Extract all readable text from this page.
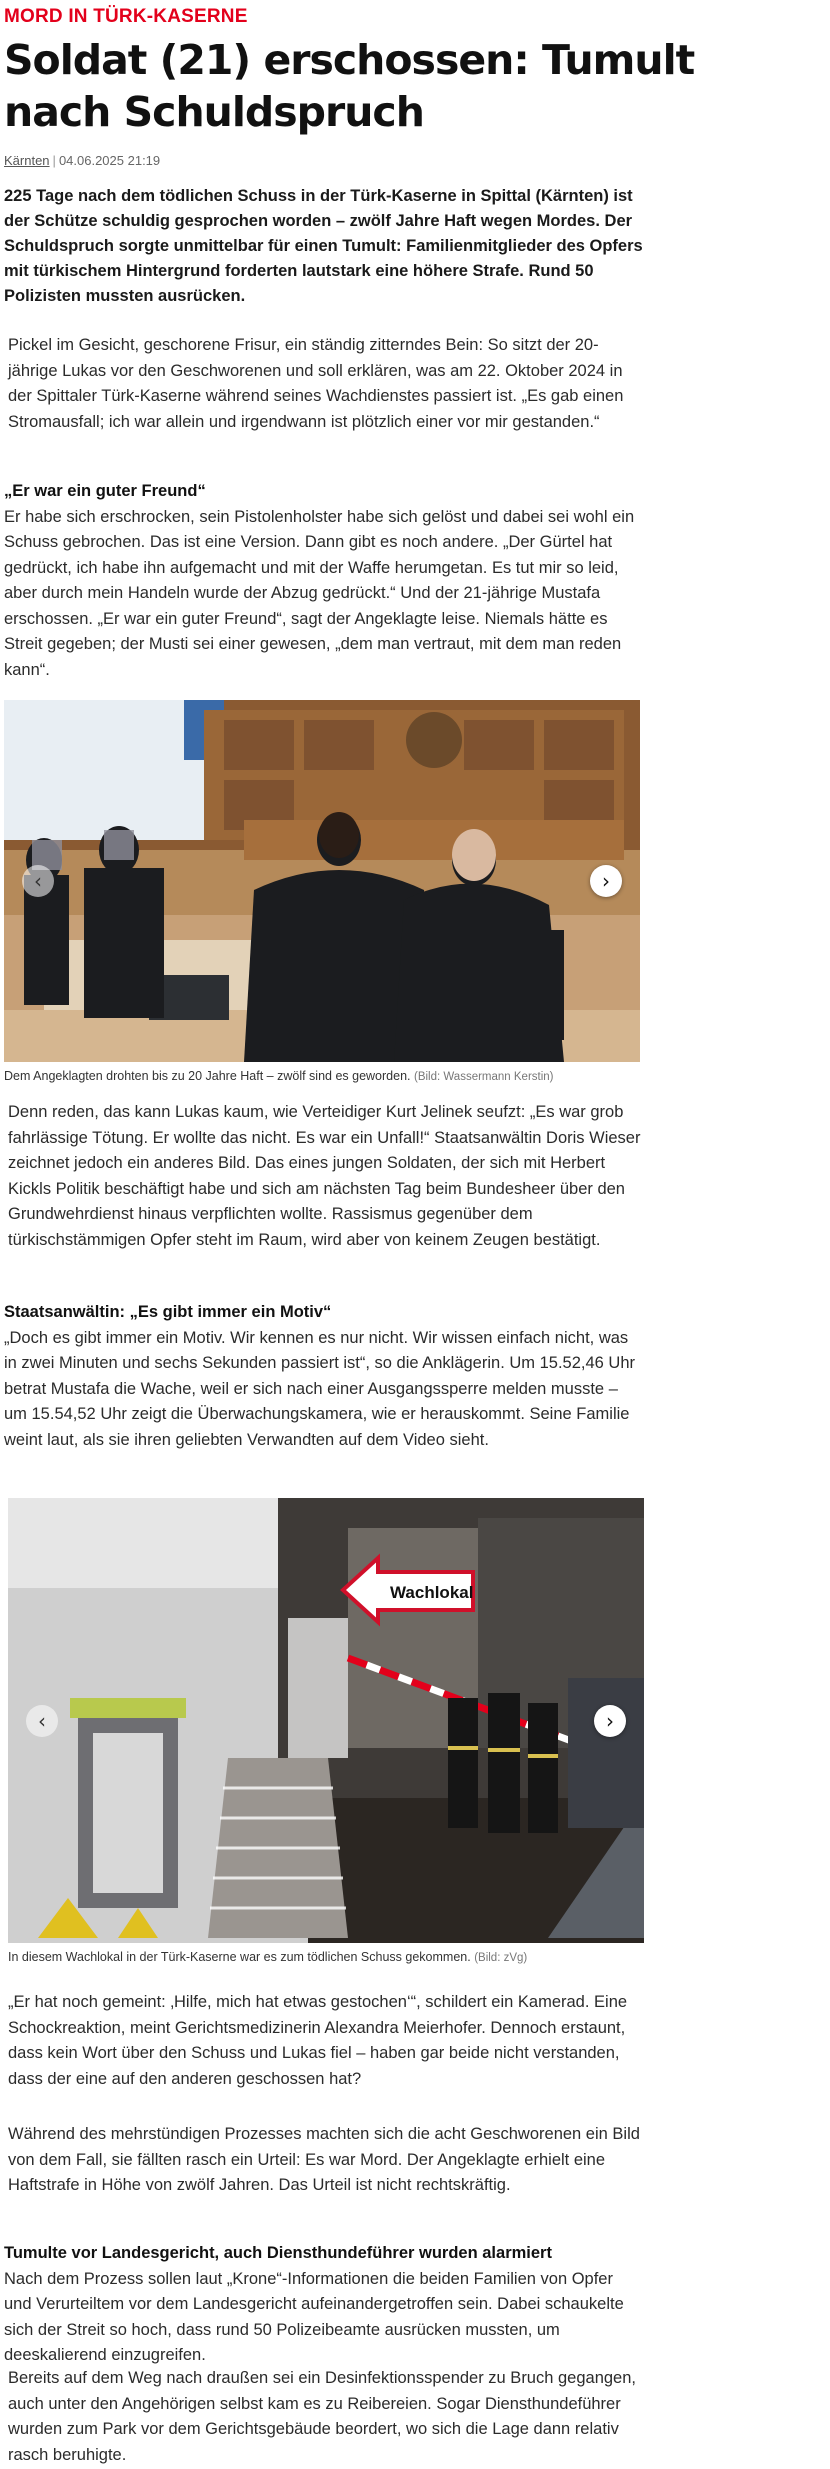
MORD IN TÜRK-KASERNE
Soldat (21) erschossen: Tumult nach Schuldspruch
Kärnten | 04.06.2025 21:19

225 Tage nach dem tödlichen Schuss in der Türk-Kaserne in Spittal (Kärnten) ist der Schütze schuldig gesprochen worden – zwölf Jahre Haft wegen Mordes. Der Schuldspruch sorgte unmittelbar für einen Tumult: Familienmitglieder des Opfers mit türkischem Hintergrund forderten lautstark eine höhere Strafe. Rund 50 Polizisten mussten ausrücken.

Pickel im Gesicht, geschorene Frisur, ein ständig zitterndes Bein: So sitzt der 20-jährige Lukas vor den Geschworenen und soll erklären, was am 22. Oktober 2024 in der Spittaler Türk-Kaserne während seines Wachdienstes passiert ist. „Es gab einen Stromausfall; ich war allein und irgendwann ist plötzlich einer vor mir gestanden.“

„Er war ein guter Freund“
Er habe sich erschrocken, sein Pistolenholster habe sich gelöst und dabei sei wohl ein Schuss gebrochen. Das ist eine Version. Dann gibt es noch andere. „Der Gürtel hat gedrückt, ich habe ihn aufgemacht und mit der Waffe herumgetan. Es tut mir so leid, aber durch mein Handeln wurde der Abzug gedrückt.“ Und der 21-jährige Mustafa erschossen. „Er war ein guter Freund“, sagt der Angeklagte leise. Niemals hätte es Streit gegeben; der Musti sei einer gewesen, „dem man vertraut, mit dem man reden kann“.
‹	›
Dem Angeklagten drohten bis zu 20 Jahre Haft – zwölf sind es geworden. (Bild: Wassermann Kerstin)

Denn reden, das kann Lukas kaum, wie Verteidiger Kurt Jelinek seufzt: „Es war grob fahrlässige Tötung. Er wollte das nicht. Es war ein Unfall!“ Staatsanwältin Doris Wieser zeichnet jedoch ein anderes Bild. Das eines jungen Soldaten, der sich mit Herbert Kickls Politik beschäftigt habe und sich am nächsten Tag beim Bundesheer über den Grundwehrdienst hinaus verpflichten wollte. Rassismus gegenüber dem türkischstämmigen Opfer steht im Raum, wird aber von keinem Zeugen bestätigt.

Staatsanwältin: „Es gibt immer ein Motiv“
„Doch es gibt immer ein Motiv. Wir kennen es nur nicht. Wir wissen einfach nicht, was in zwei Minuten und sechs Sekunden passiert ist“, so die Anklägerin. Um 15.52,46 Uhr betrat Mustafa die Wache, weil er sich nach einer Ausgangssperre melden musste – um 15.54,52 Uhr zeigt die Überwachungskamera, wie er herauskommt. Seine Familie weint laut, als sie ihren geliebten Verwandten auf dem Video sieht.
Wachlokal
‹	›
In diesem Wachlokal in der Türk-Kaserne war es zum tödlichen Schuss gekommen. (Bild: zVg)

„Er hat noch gemeint: ‚Hilfe, mich hat etwas gestochen‘“, schildert ein Kamerad. Eine Schockreaktion, meint Gerichtsmedizinerin Alexandra Meierhofer. Dennoch erstaunt, dass kein Wort über den Schuss und Lukas fiel – haben gar beide nicht verstanden, dass der eine auf den anderen geschossen hat?

Während des mehrstündigen Prozesses machten sich die acht Geschworenen ein Bild von dem Fall, sie fällten rasch ein Urteil: Es war Mord. Der Angeklagte erhielt eine Haftstrafe in Höhe von zwölf Jahren. Das Urteil ist nicht rechtskräftig.

Tumulte vor Landesgericht, auch Diensthundeführer wurden alarmiert
Nach dem Prozess sollen laut „Krone“-Informationen die beiden Familien von Opfer und Verurteiltem vor dem Landesgericht aufeinandergetroffen sein. Dabei schaukelte sich der Streit so hoch, dass rund 50 Polizeibeamte ausrücken mussten, um deeskalierend einzugreifen.

Bereits auf dem Weg nach draußen sei ein Desinfektionsspender zu Bruch gegangen, auch unter den Angehörigen selbst kam es zu Reibereien. Sogar Diensthundeführer wurden zum Park vor dem Gerichtsgebäude beordert, wo sich die Lage dann relativ rasch beruhigte.
